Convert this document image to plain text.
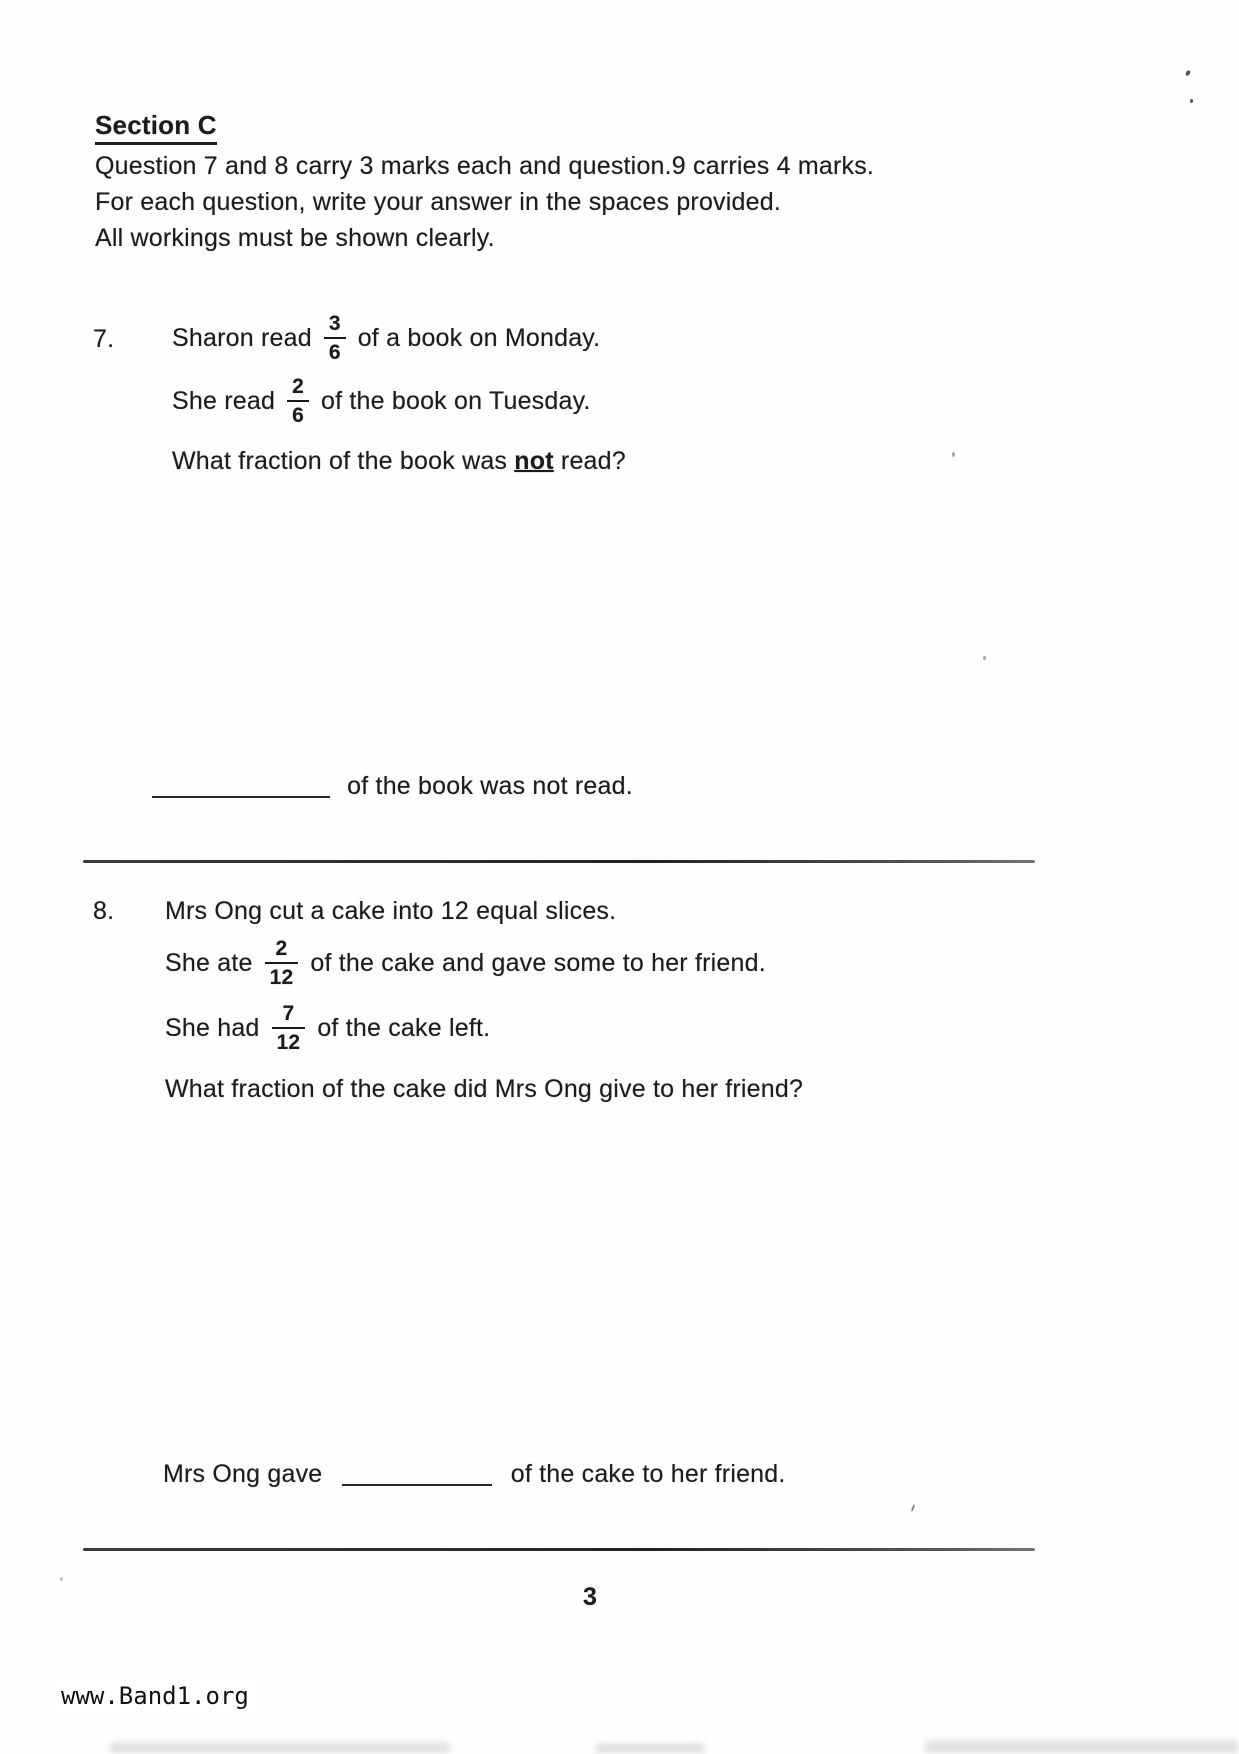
Section C
Question 7 and 8 carry 3 marks each and question.9 carries 4 marks.
For each question, write your answer in the spaces provided.
All workings must be shown clearly.
7. Sharon read $\frac{3}{6}$ of a book on Monday.
She read $\frac{2}{6}$ of the book on Tuesday.
What fraction of the book was not read?
of the book was not read.
8. Mrs Ong cut a cake into 12 equal slices.
She ate $\frac{2}{12}$ of the cake and gave some to her friend.
She had $\frac{7}{12}$ of the cake left.
What fraction of the cake did Mrs Ong give to her friend?
Mrs Ong gave	of the cake to her friend.
3
www.Band1.org
